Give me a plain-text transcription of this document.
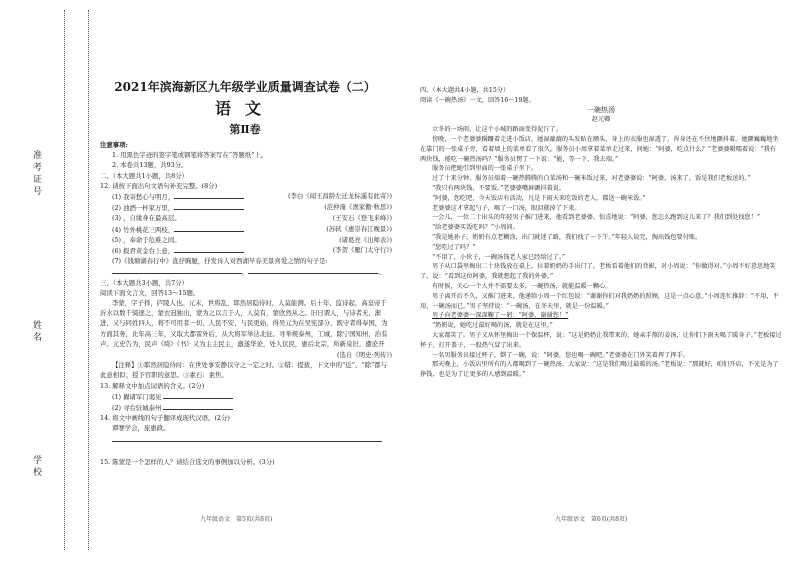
准考证号
姓名
学校
2021年滨海新区九年级学业质量调查试卷（二）
语文
第Ⅱ卷

注意事项:

1. 用黑色字迹的签字笔或钢笔将答案写在“答题纸”上。

2. 本卷共13题，共93分。

二、（本大题共1小题，共8分）

12. 请按下面出句文语句补充完整。(8分)

(1) 我寄愁心与明月，	(李白《闻王昌龄左迁龙标遥有此寄》)
(2) 浊酒一杯家万里，	(范仲淹《渔家傲·秋思》)
(3) ，自缘身在最高层。	(王安石《登飞来峰》)
(4) 竹外桃花三两枝，	(苏轼《惠崇春江晚景》)
(5) ，奉命于危难之间。	(诸葛亮《出师表》)
(6) 报君黄金台上意，	(李贺《雁门太守行》)

(7)《钱塘湖春行中》直抒胸臆，抒发诗人对西湖早春美景喜爱之情的句子是:

，	。

三、（本大题共3小题，共7分）

阅读下面文言文，回答13～15题。

李蒙，字子择，庐陵人也。元末，世将乱，耶然居隐待时，人莫能测。后十年，监诗起，高皇帝于沂水以数千骑逐之，蒙衣冠独出，蒙为之以言于人，人莫有，蒙欣然从之。旧日谓人，与诗者无，渐进，又与同姓四人，将不可用者一切，人民不安，与民更始，得吴元为在吴宪部分，既守者得奉国，为方面其务，比年高三年，又取大都雷外后，从大将军举达北征。寻举规泰州，工城，除宁国知州，治有声。元史告为，民声《绮》《书》又为主主民主，激遂华论，处人伏民，惠后北宗，所新泉旧，遭论开

(选自《明史·列传》)

【注释】①耶然居隐待时：在世处事安静以守之一定之时。②错：提拔，下文中的“近”、“除”都与此意相似；授予官职的意思。③素石：素焦。

13. 解释文中加点词语的含义。(2分)

(1) 擢诸军门谒见

(2) 寻台驻城泰州

14. 将文中画线的句子翻译成现代汉语。(2分)

谭謇学会，旅惠政。

15. 陈蒙是一个怎样的人？请结合选文的事例加以分析。(3分)

四、（本大题共4小题，共15分）

阅读《一碗热汤》一文，回答16～19题。

一碗热汤

赵元卿

立冬的一场雨，让这个小城的路面变得泥泞了。

傍晚，一个老婆婆蹒跚着走进小饭店，她湿漉漉的头发贴在额头，身上的衣服也湿透了，浑身还在不住地颤抖着。她颤巍巍地坐在靠门的一张桌子旁，看着墙上的菜单看了很久。服务员小周拿着菜单走过来，问她：“阿婆，吃点什么？”老婆婆嗫嚅着说：“我有两块钱，能吃一碗热汤吗？”服务员愣了一下说：“能，等一下，我去端。”

服务员把她引到里面的一张桌子坐下。

过了十来分钟，服务员端着一碗热腾腾的白菜汤和一碗米饭过来，对老婆婆说：“阿婆，汤来了，饭是我们老板送的。”

“我只有两块钱，不要饭。”老婆婆嘴唇颤抖着说。

“阿婆，您吃吧，今天饭店有活动，凡是下雨天来吃饭的老人，都送一碗米饭。”

老婆婆这才拿起勺子，喝了一口汤，眼泪就掉了下来。

一会儿，一位二十出头的年轻男子推门进来，他看到老婆婆，惊喜地说：“阿婆，您怎么跑到这儿来了？我们到处找您！”

“给老婆婆买饭吃吗？”小周问。

“我是她孙子，奶奶有点老糊涂，出门就迷了路，我们找了一下午。”年轻人说完，掏出钱包要付账。

“您吃过了吗？”

“不用了，小伙子，一碗汤钱老人家已经给过了。”

男子从口袋里掏出二十块钱放在桌上，拉着奶奶的手出门了。老板看着他们的背影，对小周说：“你做得对。”小周不好意思地笑了，说：“看到这位阿婆，我就想起了我的外婆。”

有时候，关心一个人并不需要太多，一碗热汤，就能温暖一颗心。

男子离开后不久，又推门进来，他递给小周一个红包说：“谢谢你们对我奶奶的照顾，这是一点心意。”小周连忙推辞：“不用，不用，一碗汤而已。”男子坚持说：“一碗汤，在冬天里，就是一份温暖。”

男子向老婆婆一深深鞠了一躬：“阿婆，谢谢您！”

“奶奶说，她吃过最好喝的汤，就是在这里。”

大家都笑了。男子又从怀里掏出一个保温杯，说：“这是奶奶让我带来的，她亲手熬的姜汤，让你们下雨天喝了暖身子。”老板接过杯子，打开盖子，一股热气冒了出来。

一名男服务员接过杯子，倒了一碗，说：“阿婆，您也喝一碗吧。”老婆婆在门外笑着挥了挥手。

那天晚上，小饭店里所有的人都喝到了一碗热汤，大家说：“这是我们喝过最暖的汤。”老板说：“那就好，咱们开店，不光是为了挣钱，也是为了让更多的人感到温暖。”

九年级语文　第5页(共8页)	九年级语文　第6页(共8页)
